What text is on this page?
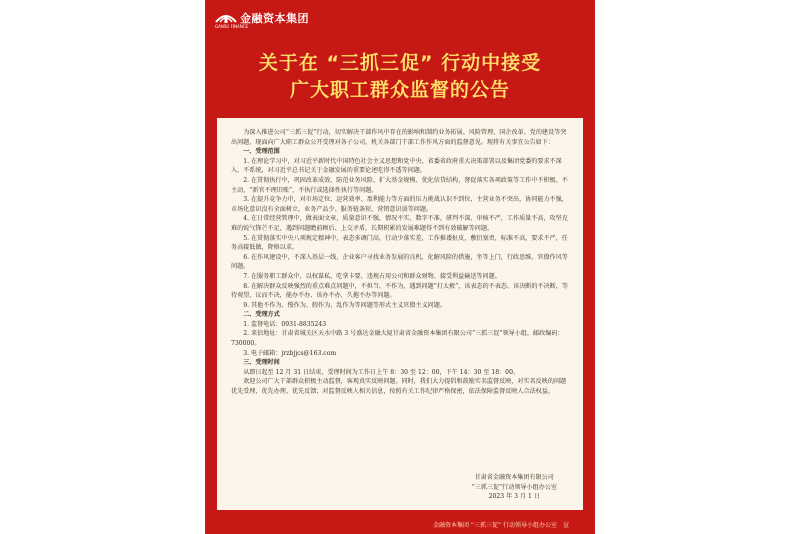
GANSU FINANCE
金融资本集团
关于在 “三抓三促” 行动中接受
广大职工群众监督的公告

为深入推进公司“三抓三促”行动，切实解决干部作风中存在的影响和制约业务拓展、风险管理、国企改革、党的建设等突出问题，现面向广大职工群众公开受理对各子公司、机关各部门干部工作作风方面的监督意见。现将有关事宜公告如下：

一、受理范围

1. 在理论学习中，对习近平新时代中国特色社会主义思想和党中央、省委省政府重大决策部署以及集团党委的要求不深入、不系统，对习近平总书记关于金融发展的重要论述吃得不透等问题。

2. 在贯彻执行中，巩固改革成效、防范业务风险、扩大基金规模、优化信贷结构，督促落实各项政策等工作中不积极、不主动，“新官不理旧账”，不执行或选择性执行等问题。

3. 在提升竞争力中，对市场定位、运营效率、盈利能力等方面的压力挑战认识不到位，主营业务不突出，协同能力不强，市场化意识没有全面树立，业务产品少、服务链条短、营销意识弱等问题。

4. 在日常经营管理中，做表面文章，质量意识不强，情况不实、数字不准，研判不深、审核不严，工作质量不高，攻坚克难的锐气锋芒不足，遇到问题瞻前顾后、上交矛盾，长期积累的发展难题得不到有效破解等问题。

5. 在贯彻落实中央八项规定精神中，表态多调门高、行动少落实差，工作推诿扯皮，敷衍塞责，标准不高，要求不严，任务高接低做，降格以求。

6. 在作风建设中，不深入基层一线，企业客户寻找业务发展的良机，化解风险的措施，坐等上门，行政思维，官僚作风等问题。

7. 在服务职工群众中，以权谋私、吃拿卡要、违规占用公司和群众财物、接受利益输送等问题。

8. 在解决群众反映强烈的重点难点问题中，不担当、不作为，遇到问题“打太极”，该表态的不表态、该决断的不决断，等待观望、议而不决，能办不办、该办不办、久拖不办等问题。

9. 其他不作为、慢作为、假作为、乱作为等问题等形式主义官僚主义问题。

二、受理方式

1. 监督电话：0931-8835243

2. 来信地址：甘肃省城关区天水中路 3 号盛达金融大厦甘肃省金融资本集团有限公司“三抓三促”领导小组，邮政编码：730000。

3. 电子邮箱：jrzbjjcs@163.com

三、受理时间

从即日起至 12 月 31 日结束，受理时间为工作日上午 8：30 至 12：00，下午 14：30 至 18：00。

欢迎公司广大干部群众积极主动监督，客观真实反映问题。同时，我们大力提倡和鼓励实名监督反映，对实名反映的问题优先受理、优先办理、优先反馈；对监督反映人相关信息，按照有关工作纪律严格保密，依法保障监督反映人合法权益。

甘肃省金融资本集团有限公司
“三抓三促”行动领导小组办公室
2023 年 3 月 1 日
金融资本集团 “三抓三促” 行动领导小组办公室　宣
